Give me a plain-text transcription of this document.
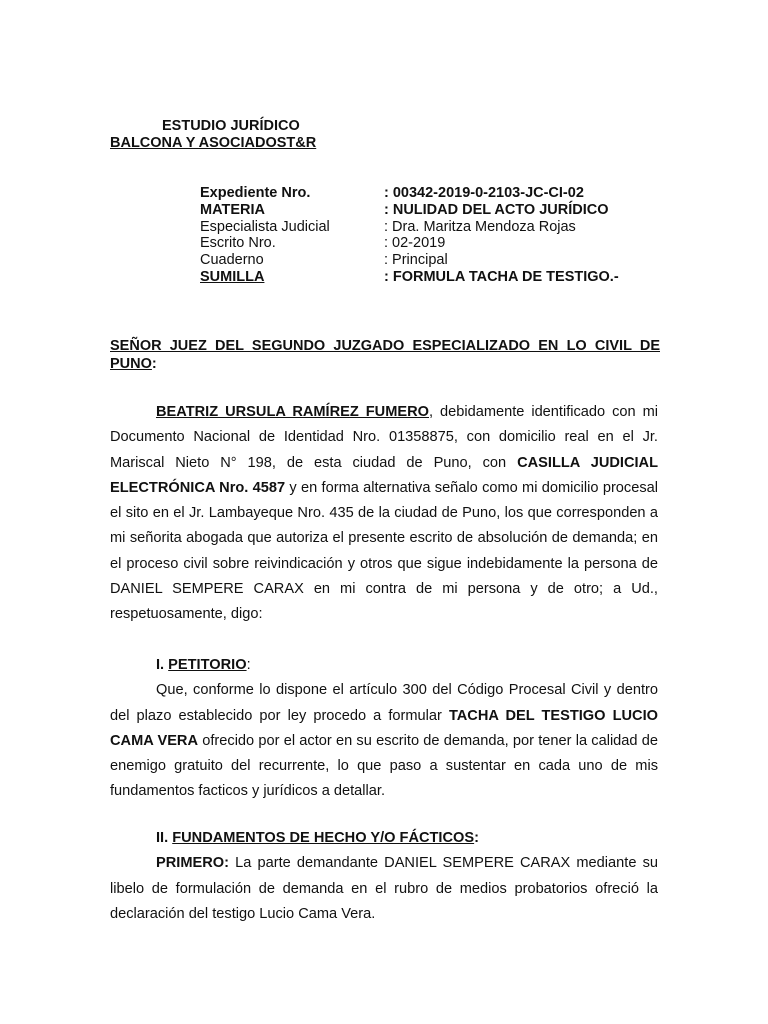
ESTUDIO JURÍDICO
BALCONA Y ASOCIADOST&R
Expediente Nro.	: 00342-2019-0-2103-JC-CI-02
MATERIA	: NULIDAD DEL ACTO JURÍDICO
Especialista Judicial	: Dra. Maritza Mendoza Rojas
Escrito Nro.	: 02-2019
Cuaderno	: Principal
SUMILLA	: FORMULA TACHA DE TESTIGO.-
SEÑOR JUEZ DEL SEGUNDO JUZGADO ESPECIALIZADO EN LO CIVIL DE PUNO:

BEATRIZ URSULA RAMÍREZ FUMERO, debidamente identificado con mi Documento Nacional de Identidad Nro. 01358875, con domicilio real en el Jr. Mariscal Nieto N° 198, de esta ciudad de Puno, con CASILLA JUDICIAL ELECTRÓNICA Nro. 4587 y en forma alternativa señalo como mi domicilio procesal el sito en el Jr. Lambayeque Nro. 435 de la ciudad de Puno, los que corresponden a mi señorita abogada que autoriza el presente escrito de absolución de demanda; en el proceso civil sobre reivindicación y otros que sigue indebidamente la persona de DANIEL SEMPERE CARAX en mi contra de mi persona y de otro; a Ud., respetuosamente, digo:

I. PETITORIO:

Que, conforme lo dispone el artículo 300 del Código Procesal Civil y dentro del plazo establecido por ley procedo a formular TACHA DEL TESTIGO LUCIO CAMA VERA ofrecido por el actor en su escrito de demanda, por tener la calidad de enemigo gratuito del recurrente, lo que paso a sustentar en cada uno de mis fundamentos facticos y jurídicos a detallar.

II. FUNDAMENTOS DE HECHO Y/O FÁCTICOS:

PRIMERO: La parte demandante DANIEL SEMPERE CARAX mediante su libelo de formulación de demanda en el rubro de medios probatorios ofreció la declaración del testigo Lucio Cama Vera.
